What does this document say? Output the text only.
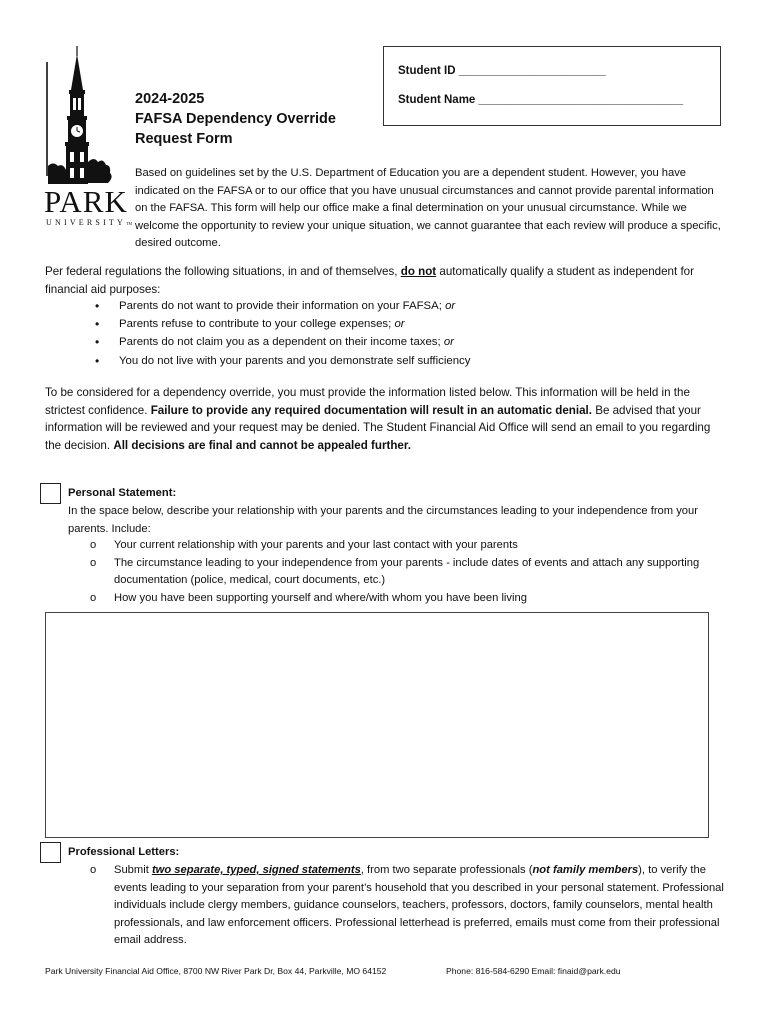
PARK
UNIVERSITYTM
2024-2025
FAFSA Dependency Override
Request Form
Student ID _______________________
Student Name ________________________________
Based on guidelines set by the U.S. Department of Education you are a dependent student. However, you have indicated on the FAFSA or to our office that you have unusual circumstances and cannot provide parental information on the FAFSA. This form will help our office make a final determination on your unusual circumstance. While we welcome the opportunity to review your unique situation, we cannot guarantee that each review will produce a specific, desired outcome.
Per federal regulations the following situations, in and of themselves, do not automatically qualify a student as independent for financial aid purposes:
• Parents do not want to provide their information on your FAFSA; or
• Parents refuse to contribute to your college expenses; or
• Parents do not claim you as a dependent on their income taxes; or
• You do not live with your parents and you demonstrate self sufficiency
To be considered for a dependency override, you must provide the information listed below. This information will be held in the strictest confidence. Failure to provide any required documentation will result in an automatic denial. Be advised that your information will be reviewed and your request may be denied. The Student Financial Aid Office will send an email to you regarding the decision. All decisions are final and cannot be appealed further.
Personal Statement:
In the space below, describe your relationship with your parents and the circumstances leading to your independence from your parents. Include:
o Your current relationship with your parents and your last contact with your parents
o The circumstance leading to your independence from your parents - include dates of events and attach any supporting documentation (police, medical, court documents, etc.)
o How you have been supporting yourself and where/with whom you have been living
Professional Letters:
o Submit two separate, typed, signed statements, from two separate professionals (not family members), to verify the events leading to your separation from your parent’s household that you described in your personal statement. Professional individuals include clergy members, guidance counselors, teachers, professors, doctors, family counselors, mental health professionals, and law enforcement officers. Professional letterhead is preferred, emails must come from their professional email address.
Park University Financial Aid Office, 8700 NW River Park Dr, Box 44, Parkville, MO 64152	Phone: 816-584-6290 Email: finaid@park.edu
